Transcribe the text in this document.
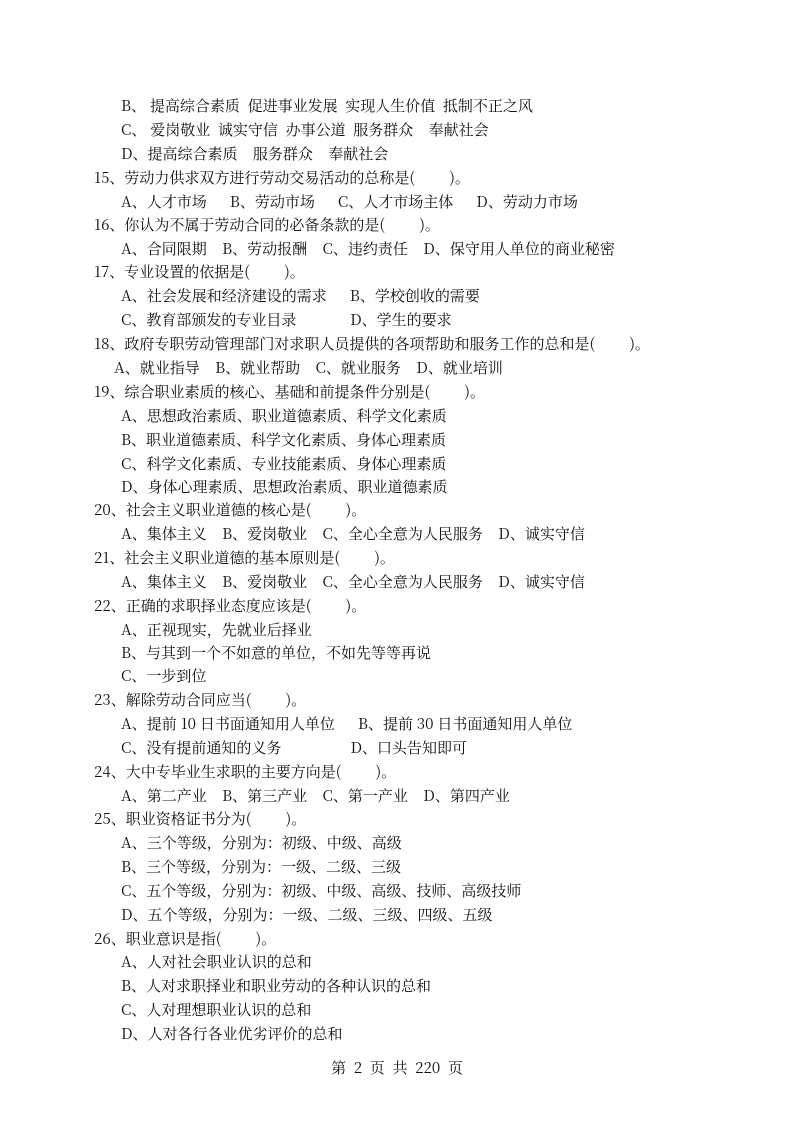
B、 提高综合素质  促进事业发展  实现人生价值  抵制不正之风
C、 爱岗敬业  诚实守信  办事公道  服务群众    奉献社会
D、提高综合素质    服务群众    奉献社会
15、劳动力供求双方进行劳动交易活动的总称是(         )。
A、人才市场      B、劳动市场      C、人才市场主体      D、劳动力市场
16、你认为不属于劳动合同的必备条款的是(         )。
A、合同限期    B、劳动报酬    C、违约责任    D、保守用人单位的商业秘密
17、专业设置的依据是(         )。
A、社会发展和经济建设的需求      B、学校创收的需要
C、教育部颁发的专业目录              D、学生的要求
18、政府专职劳动管理部门对求职人员提供的各项帮助和服务工作的总和是(         )。
A、就业指导    B、就业帮助    C、就业服务    D、就业培训
19、综合职业素质的核心、基础和前提条件分别是(         )。
A、思想政治素质、职业道德素质、科学文化素质
B、职业道德素质、科学文化素质、身体心理素质
C、科学文化素质、专业技能素质、身体心理素质
D、身体心理素质、思想政治素质、职业道德素质
20、社会主义职业道德的核心是(         )。
A、集体主义    B、爱岗敬业    C、全心全意为人民服务    D、诚实守信
21、社会主义职业道德的基本原则是(         )。
A、集体主义    B、爱岗敬业    C、全心全意为人民服务    D、诚实守信
22、正确的求职择业态度应该是(         )。
A、正视现实，先就业后择业
B、与其到一个不如意的单位，不如先等等再说
C、一步到位
23、解除劳动合同应当(         )。
A、提前 10 日书面通知用人单位      B、提前 30 日书面通知用人单位
C、没有提前通知的义务                  D、口头告知即可
24、大中专毕业生求职的主要方向是(         )。
A、第二产业    B、第三产业    C、第一产业    D、第四产业
25、职业资格证书分为(         )。
A、三个等级，分别为：初级、中级、高级
B、三个等级，分别为：一级、二级、三级
C、五个等级，分别为：初级、中级、高级、技师、高级技师
D、五个等级，分别为：一级、二级、三级、四级、五级
26、职业意识是指(         )。
A、人对社会职业认识的总和
B、人对求职择业和职业劳动的各种认识的总和
C、人对理想职业认识的总和
D、人对各行各业优劣评价的总和
第  2  页  共  220  页
